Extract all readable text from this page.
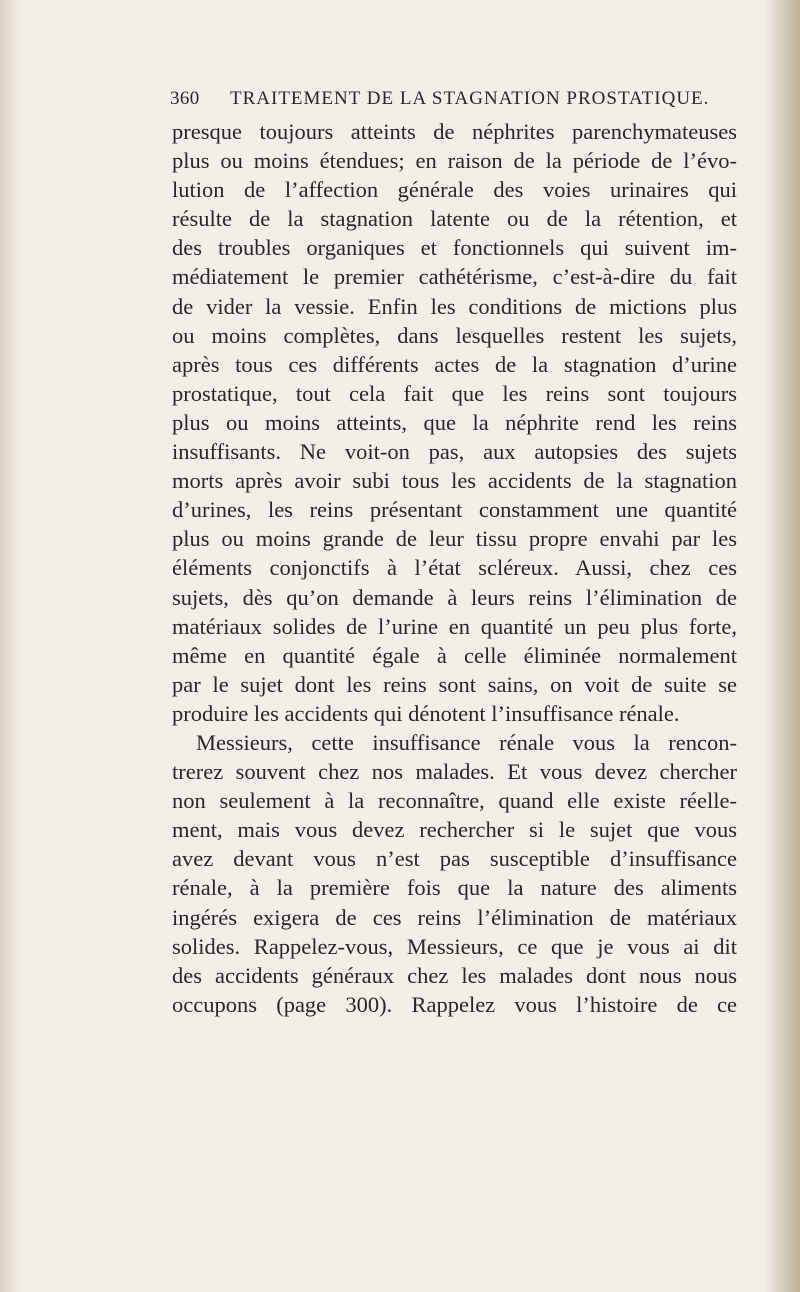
360 TRAITEMENT DE LA STAGNATION PROSTATIQUE.
presque toujours atteints de néphrites parenchymateuses
plus ou moins étendues; en raison de la période de l’évo-
lution de l’affection générale des voies urinaires qui
résulte de la stagnation latente ou de la rétention, et
des troubles organiques et fonctionnels qui suivent im-
médiatement le premier cathétérisme, c’est-à-dire du fait
de vider la vessie. Enfin les conditions de mictions plus
ou moins complètes, dans lesquelles restent les sujets,
après tous ces différents actes de la stagnation d’urine
prostatique, tout cela fait que les reins sont toujours
plus ou moins atteints, que la néphrite rend les reins
insuffisants. Ne voit-on pas, aux autopsies des sujets
morts après avoir subi tous les accidents de la stagnation
d’urines, les reins présentant constamment une quantité
plus ou moins grande de leur tissu propre envahi par les
éléments conjonctifs à l’état scléreux. Aussi, chez ces
sujets, dès qu’on demande à leurs reins l’élimination de
matériaux solides de l’urine en quantité un peu plus forte,
même en quantité égale à celle éliminée normalement
par le sujet dont les reins sont sains, on voit de suite se
produire les accidents qui dénotent l’insuffisance rénale.
Messieurs, cette insuffisance rénale vous la rencon-
trerez souvent chez nos malades. Et vous devez chercher
non seulement à la reconnaître, quand elle existe réelle-
ment, mais vous devez rechercher si le sujet que vous
avez devant vous n’est pas susceptible d’insuffisance
rénale, à la première fois que la nature des aliments
ingérés exigera de ces reins l’élimination de matériaux
solides. Rappelez-vous, Messieurs, ce que je vous ai dit
des accidents généraux chez les malades dont nous nous
occupons (page 300). Rappelez vous l’histoire de ce
